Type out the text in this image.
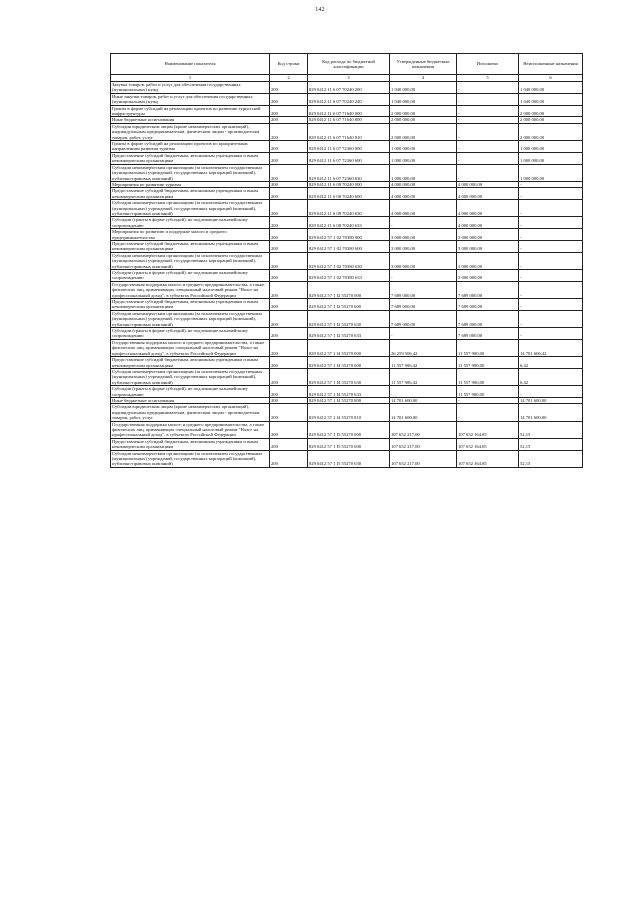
142
Наименование показателя	Код строки	Код расхода по бюджетной классификации	Утвержденные бюджетные назначения	Исполнено	Неисполненные назначения
1	2	3	4	5	6
Закупка товаров, работ и услуг для обеспечения государственных (муниципальных) нужд	200	829 0412 11 6 07 70240 200	1 040 000,00	-	1 040 000,00
Иные закупки товаров, работ и услуг для обеспечения государственных (муниципальных) нужд	200	829 0412 11 6 07 70240 240	1 040 000,00	-	1 040 000,00
Гранты в форме субсидий на реализацию проектов по развитию туристской инфраструктуры	200	829 0412 11 6 07 71640 000	2 000 000,00	-	2 000 000,00
Иные бюджетные ассигнования	200	829 0412 11 6 07 71640 800	2 000 000,00	-	2 000 000,00
Субсидии юридическим лицам (кроме некоммерческих организаций), индивидуальным предпринимателям, физическим лицам - производителям товаров, работ, услуг	200	829 0412 11 6 07 71640 810	2 000 000,00	-	2 000 000,00
Гранты в форме субсидий на реализацию проектов по приоритетным направлениям развития туризма	200	829 0412 11 6 07 72360 000	1 000 000,00	-	1 000 000,00
Предоставление субсидий бюджетным, автономным учреждениям и иным некоммерческим организациям	200	829 0412 11 6 07 72360 600	1 000 000,00	-	1 000 000,00
Субсидии некоммерческим организациям (за исключением государственных (муниципальных) учреждений, государственных корпораций (компаний), публично-правовых компаний)	200	829 0412 11 6 07 72360 630	1 000 000,00	-	1 000 000,00
Мероприятия по развитию туризма	200	829 0412 11 6 08 70240 000	4 000 000,00	4 000 000,00	-
Предоставление субсидий бюджетным, автономным учреждениям и иным некоммерческим организациям	200	829 0412 11 6 08 70240 600	4 000 000,00	4 000 000,00	-
Субсидии некоммерческим организациям (за исключением государственных (муниципальных) учреждений, государственных корпораций (компаний), публично-правовых компаний)	200	829 0412 11 6 08 70240 630	4 000 000,00	4 000 000,00	-
Субсидии (гранты в форме субсидий), не подлежащие казначейскому сопровождению	200	829 0412 11 6 08 70240 633	-	4 000 000,00	-
Мероприятия по развитию и поддержке малого и среднего предпринимательства	200	829 0412 57 1 02 70380 000	3 000 000,00	3 000 000,00	-
Предоставление субсидий бюджетным, автономным учреждениям и иным некоммерческим организациям	200	829 0412 57 1 02 70380 600	3 000 000,00	3 000 000,00	-
Субсидии некоммерческим организациям (за исключением государственных (муниципальных) учреждений, государственных корпораций (компаний), публично-правовых компаний)	200	829 0412 57 1 02 70380 630	3 000 000,00	3 000 000,00	-
Субсидии (гранты в форме субсидий), не подлежащие казначейскому сопровождению	200	829 0412 57 1 02 70380 633	-	3 000 000,00	-
Государственная поддержка малого и среднего предпринимательства, а также физических лиц, применяющих специальный налоговый режим "Налог на профессиональный доход", в субъектах Российской Федерации	200	829 0412 57 1 I2 55270 000	7 689 000,00	7 689 000,00	-
Предоставление субсидий бюджетным, автономным учреждениям и иным некоммерческим организациям	200	829 0412 57 1 I2 55270 600	7 689 000,00	7 689 000,00	-
Субсидии некоммерческим организациям (за исключением государственных (муниципальных) учреждений, государственных корпораций (компаний), публично-правовых компаний)	200	829 0412 57 1 I2 55270 630	7 689 000,00	7 689 000,00	-
Субсидии (гранты в форме субсидий), не подлежащие казначейскому сопровождению	200	829 0412 57 1 I2 55270 633	-	7 689 000,00	-
Государственная поддержка малого и среднего предпринимательства, а также физических лиц, применяющих специальный налоговый режим "Налог на профессиональный доход", в субъектах Российской Федерации	200	829 0412 57 1 I4 55270 000	26 259 506,42	11 557 900,00	14 701 606,42
Предоставление субсидий бюджетным, автономным учреждениям и иным некоммерческим организациям	200	829 0412 57 1 I4 55270 600	11 557 906,42	11 557 900,00	6,42
Субсидии некоммерческим организациям (за исключением государственных (муниципальных) учреждений, государственных корпораций (компаний), публично-правовых компаний)	200	829 0412 57 1 I4 55270 630	11 557 906,42	11 557 900,00	6,42
Субсидии (гранты в форме субсидий), не подлежащие казначейскому сопровождению	200	829 0412 57 1 I4 55270 633	-	11 557 900,00	-
Иные бюджетные ассигнования	200	829 0412 57 1 I4 55270 800	14 701 600,00	-	14 701 600,00
Субсидии юридическим лицам (кроме некоммерческих организаций), индивидуальным предпринимателям, физическим лицам - производителям товаров, работ, услуг	200	829 0412 57 1 I4 55270 810	14 701 600,00	-	14 701 600,00
Государственная поддержка малого и среднего предпринимательства, а также физических лиц, применяющих специальный налоговый режим "Налог на профессиональный доход", в субъектах Российской Федерации	200	829 0412 57 1 I5 55270 000	107 652 217,00	107 652 164,85	52,15
Предоставление субсидий бюджетным, автономным учреждениям и иным некоммерческим организациям	200	829 0412 57 1 I5 55270 600	107 652 217,00	107 652 164,85	52,15
Субсидии некоммерческим организациям (за исключением государственных (муниципальных) учреждений, государственных корпораций (компаний), публично-правовых компаний)	200	829 0412 57 1 I5 55270 630	107 652 217,00	107 652 164,85	52,15
